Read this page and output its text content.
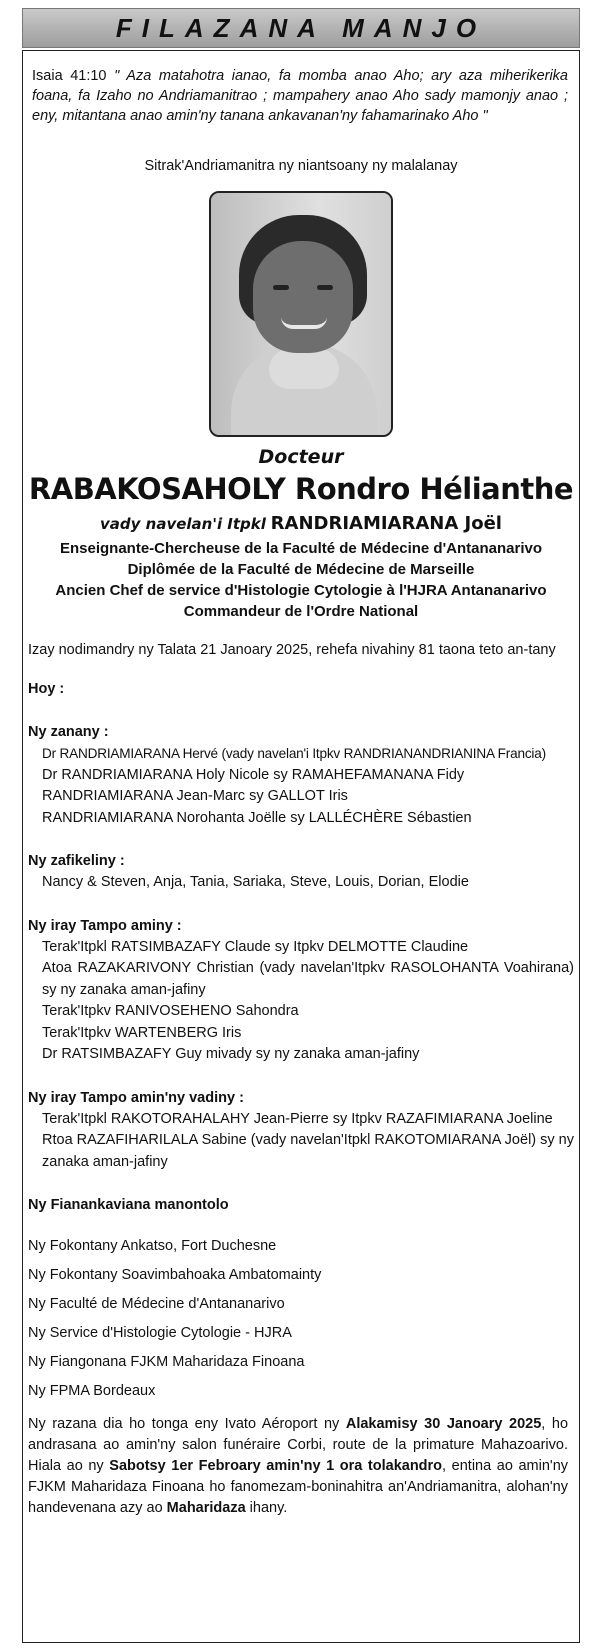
FILAZANA MANJO
Isaia 41:10 " Aza matahotra ianao, fa momba anao Aho; ary aza miherikerika foana, fa Izaho no Andriamanitrao ; mampahery anao Aho sady mamonjy anao ; eny, mitantana anao amin'ny tanana ankavanan'ny fahamarinako Aho "
Sitrak'Andriamanitra ny niantsoany ny malalanay
Docteur
RABAKOSAHOLY Rondro Hélianthe
vady navelan'i Itpkl RANDRIAMIARANA Joël
Enseignante-Chercheuse de la Faculté de Médecine d'Antananarivo
Diplômée de la Faculté de Médecine de Marseille
Ancien Chef de service d'Histologie Cytologie à l'HJRA Antananarivo
Commandeur de l'Ordre National
Izay nodimandry ny Talata 21 Janoary 2025, rehefa nivahiny 81 taona teto an-tany
Hoy :
Ny zanany :
Dr RANDRIAMIARANA Hervé (vady navelan'i Itpkv RANDRIANANDRIANINA Francia)
Dr RANDRIAMIARANA Holy Nicole sy RAMAHEFAMANANA Fidy
RANDRIAMIARANA Jean-Marc sy GALLOT Iris
RANDRIAMIARANA Norohanta Joëlle sy LALLÉCHÈRE Sébastien
Ny zafikeliny :
Nancy & Steven, Anja, Tania, Sariaka, Steve, Louis, Dorian, Elodie
Ny iray Tampo aminy :
Terak'Itpkl RATSIMBAZAFY Claude sy Itpkv DELMOTTE Claudine
Atoa RAZAKARIVONY Christian (vady navelan'Itpkv RASOLOHANTA Voahirana) sy ny zanaka aman-jafiny
Terak'Itpkv RANIVOSEHENO Sahondra
Terak'Itpkv WARTENBERG Iris
Dr RATSIMBAZAFY Guy mivady sy ny zanaka aman-jafiny
Ny iray Tampo amin'ny vadiny :
Terak'Itpkl RAKOTORAHALAHY Jean-Pierre sy Itpkv RAZAFIMIARANA Joeline
Rtoa RAZAFIHARILALA Sabine (vady navelan'Itpkl RAKOTOMIARANA Joël) sy ny zanaka aman-jafiny
Ny Fianankaviana manontolo
Ny Fokontany Ankatso, Fort Duchesne
Ny Fokontany Soavimbahoaka Ambatomainty
Ny Faculté de Médecine d'Antananarivo
Ny Service d'Histologie Cytologie - HJRA
Ny Fiangonana FJKM Maharidaza Finoana
Ny FPMA Bordeaux
Ny razana dia ho tonga eny Ivato Aéroport ny Alakamisy 30 Janoary 2025, ho andrasana ao amin'ny salon funéraire Corbi, route de la primature Mahazoarivo. Hiala ao ny Sabotsy 1er Febroary amin'ny 1 ora tolakandro, entina ao amin'ny FJKM Maharidaza Finoana ho fanomezam-boninahitra an'Andriamanitra, alohan'ny handevenana azy ao Maharidaza ihany.
